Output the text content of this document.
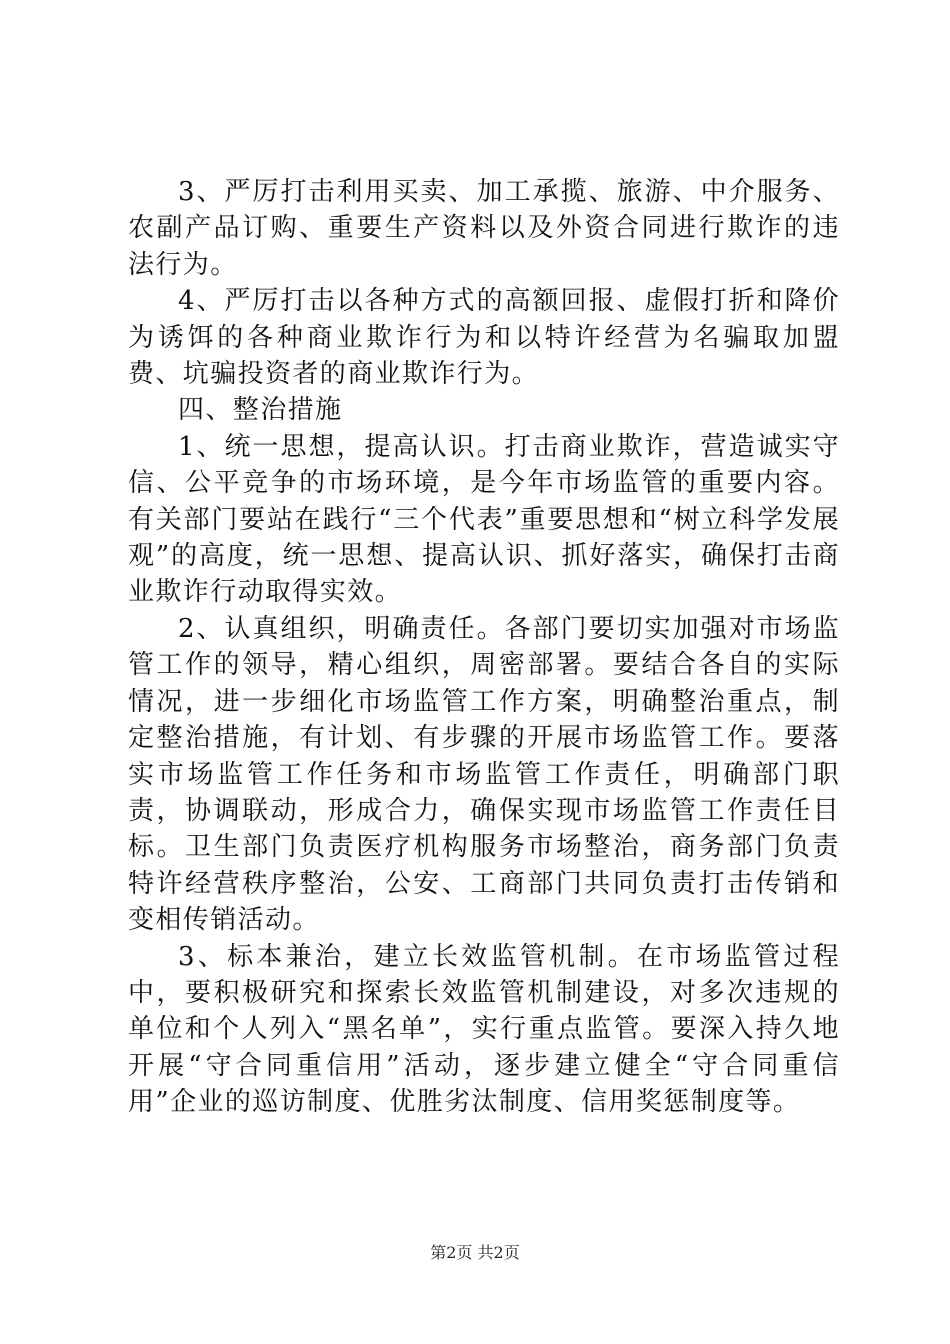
3、严厉打击利用买卖、加工承揽、旅游、中介服务、农副产品订购、重要生产资料以及外资合同进行欺诈的违法行为。

4、严厉打击以各种方式的高额回报、虚假打折和降价为诱饵的各种商业欺诈行为和以特许经营为名骗取加盟费、坑骗投资者的商业欺诈行为。

四、整治措施

1、统一思想，提高认识。打击商业欺诈，营造诚实守信、公平竞争的市场环境，是今年市场监管的重要内容。有关部门要站在践行“三个代表”重要思想和“树立科学发展观”的高度，统一思想、提高认识、抓好落实，确保打击商业欺诈行动取得实效。

2、认真组织，明确责任。各部门要切实加强对市场监管工作的领导，精心组织，周密部署。要结合各自的实际情况，进一步细化市场监管工作方案，明确整治重点，制定整治措施，有计划、有步骤的开展市场监管工作。要落实市场监管工作任务和市场监管工作责任，明确部门职责，协调联动，形成合力，确保实现市场监管工作责任目标。卫生部门负责医疗机构服务市场整治，商务部门负责特许经营秩序整治，公安、工商部门共同负责打击传销和变相传销活动。

3、标本兼治，建立长效监管机制。在市场监管过程中，要积极研究和探索长效监管机制建设，对多次违规的单位和个人列入“黑名单”，实行重点监管。要深入持久地开展“守合同重信用”活动，逐步建立健全“守合同重信用”企业的巡访制度、优胜劣汰制度、信用奖惩制度等。

第2页 共2页
